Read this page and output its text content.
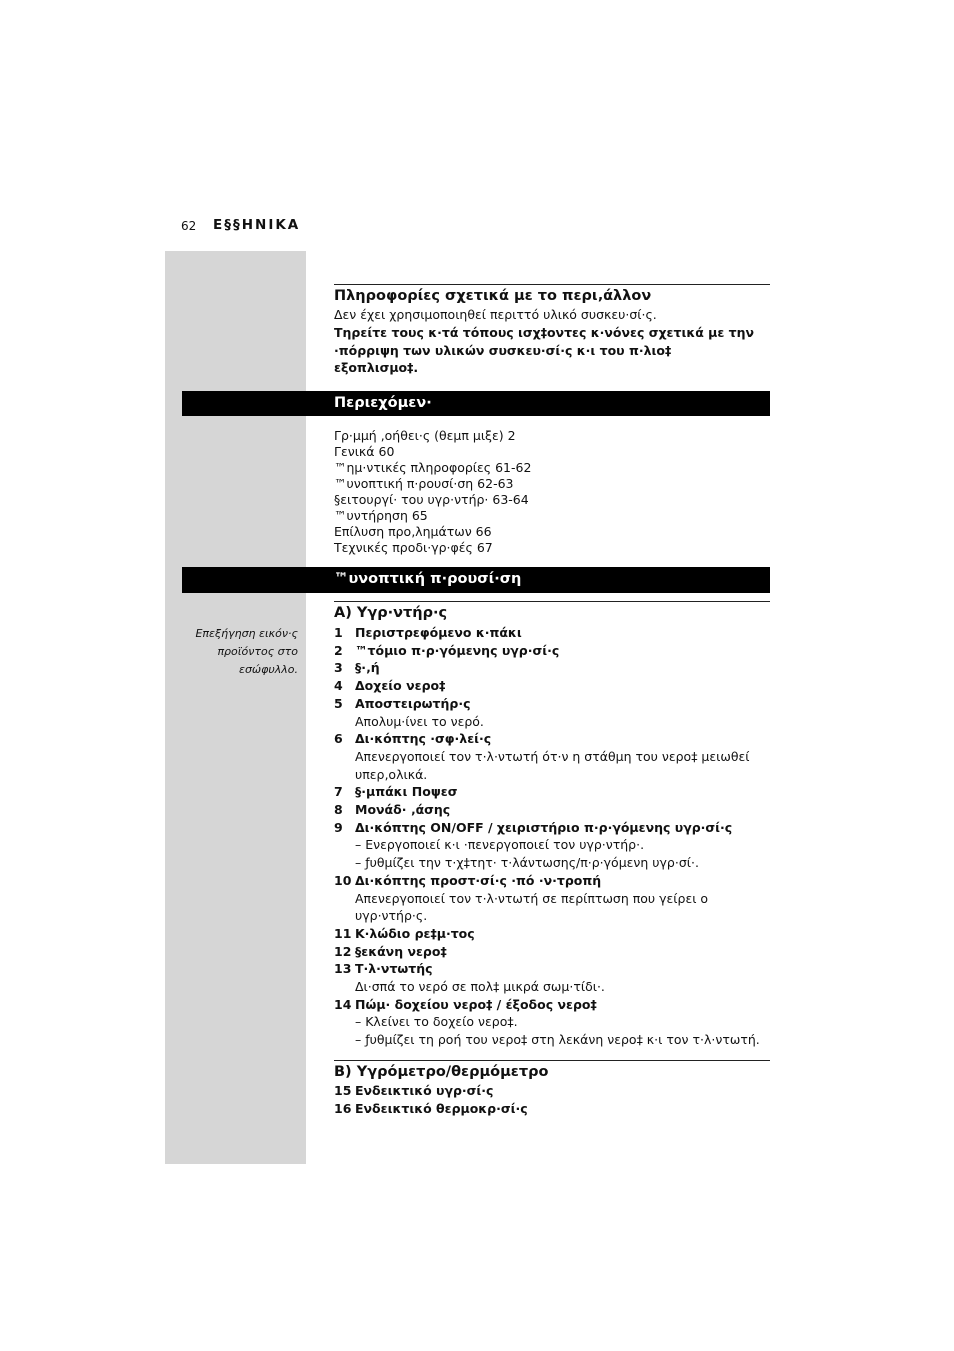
62 E§§HNIKA
Πληροφορίες σχετικά με το περι‚άλλον
Δεν έχει χρησιμοποιηθεί περιττό υλικό συσκευ·σί·ς.
Τηρείτε τους κ·τά τόπους ισχ‡οντες κ·νόνες σχετικά με την
·πόρριψη των υλικών συσκευ·σί·ς κ·ι του π·λιο‡
εξοπλισμο‡.
Περιεχόμεν·
Γρ·μμή ‚οήθει·ς (θεμπ μιξε) 2
Γενικά 60
™ημ·ντικές πληροφορίες 61-62
™υνοπτική π·ρουσί·ση 62-63
§ειτουργί· του υγρ·ντήρ· 63-64
™υντήρηση 65
Επίλυση προ‚λημάτων 66
Τεχνικές προδι·γρ·φές 67
™υνοπτική π·ρουσί·ση
Επεξήγηση εικόν·ς
προϊόντος στο
εσώφυλλο.
A) Υγρ·ντήρ·ς
1 Περιστρεφόμενο κ·πάκι
2 ™τόμιο π·ρ·γόμενης υγρ·σί·ς
3 §·‚ή
4 Δοχείο νερο‡
5 Αποστειρωτήρ·ς
Απολυμ·ίνει το νερό.
6 Δι·κόπτης ·σφ·λεί·ς
Απενεργοποιεί τον τ·λ·ντωτή ότ·ν η στάθμη του νερο‡ μειωθεί
υπερ‚ολικά.
7 §·μπάκι Πoψεσ
8 Μονάδ· ‚άσης
9 Δι·κόπτης ON/OFF / χειριστήριο π·ρ·γόμενης υγρ·σί·ς
– Ενεργοποιεί κ·ι ·πενεργοποιεί τον υγρ·ντήρ·.
– ƒυθμίζει την τ·χ‡τητ· τ·λάντωσης/π·ρ·γόμενη υγρ·σί·.
10 Δι·κόπτης προστ·σί·ς ·πό ·ν·τροπή
Απενεργοποιεί τον τ·λ·ντωτή σε περίπτωση που γείρει ο
υγρ·ντήρ·ς.
11 Κ·λώδιο ρε‡μ·τος
12 §εκάνη νερο‡
13 Τ·λ·ντωτής
Δι·σπά το νερό σε πολ‡ μικρά σωμ·τίδι·.
14 Πώμ· δοχείου νερο‡ / έξοδος νερο‡
– Κλείνει το δοχείο νερο‡.
– ƒυθμίζει τη ροή του νερο‡ στη λεκάνη νερο‡ κ·ι τον τ·λ·ντωτή.
B) Υγρόμετρο/θερμόμετρο
15 Ενδεικτικό υγρ·σί·ς
16 Ενδεικτικό θερμοκρ·σί·ς
